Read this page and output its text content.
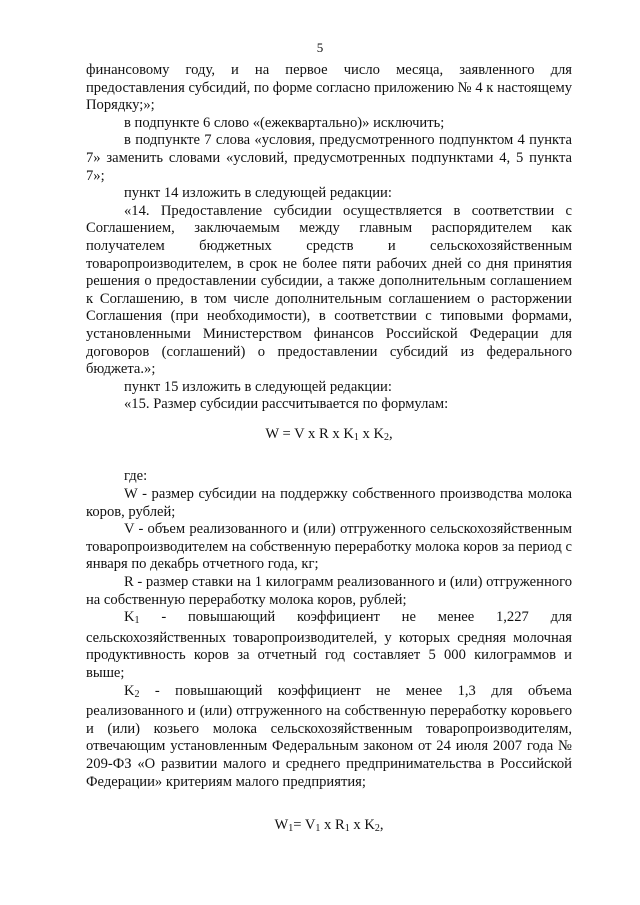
5

финансовому году, и на первое число месяца, заявленного для предоставления субсидий, по форме согласно приложению № 4 к настоящему Порядку;»;

в подпункте 6 слово «(ежеквартально)» исключить;

в подпункте 7 слова «условия, предусмотренного подпунктом 4 пункта 7» заменить словами «условий, предусмотренных подпунктами 4, 5 пункта 7»;

пункт 14 изложить в следующей редакции:

«14. Предоставление субсидии осуществляется в соответствии с Соглашением, заключаемым между главным распорядителем как получателем бюджетных средств и сельскохозяйственным товаропроизводителем, в срок не более пяти рабочих дней со дня принятия решения о предоставлении субсидии, а также дополнительным соглашением к Соглашению, в том числе дополнительным соглашением о расторжении Соглашения (при необходимости), в соответствии с типовыми формами, установленными Министерством финансов Российской Федерации для договоров (соглашений) о предоставлении субсидий из федерального бюджета.»;

пункт 15 изложить в следующей редакции:

«15. Размер субсидии рассчитывается по формулам:

W = V x R x $K_1$ x $K_2$,

где:

W - размер субсидии на поддержку собственного производства молока коров, рублей;

V - объем реализованного и (или) отгруженного сельскохозяйственным товаропроизводителем на собственную переработку молока коров за период с января по декабрь отчетного года, кг;

R - размер ставки на 1 килограмм реализованного и (или) отгруженного на собственную переработку молока коров, рублей;

$K_1$ - повышающий коэффициент не менее 1,227 для сельскохозяйственных товаропроизводителей, у которых средняя молочная продуктивность коров за отчетный год составляет 5 000 килограммов и выше;

$K_2$ - повышающий коэффициент не менее 1,3 для объема реализованного и (или) отгруженного на собственную переработку коровьего и (или) козьего молока сельскохозяйственным товаропроизводителям, отвечающим установленным Федеральным законом от 24 июля 2007 года № 209-ФЗ «О развитии малого и среднего предпринимательства в Российской Федерации» критериям малого предприятия;

$W_1= V_1$ x $R_1$ x $K_2$,
